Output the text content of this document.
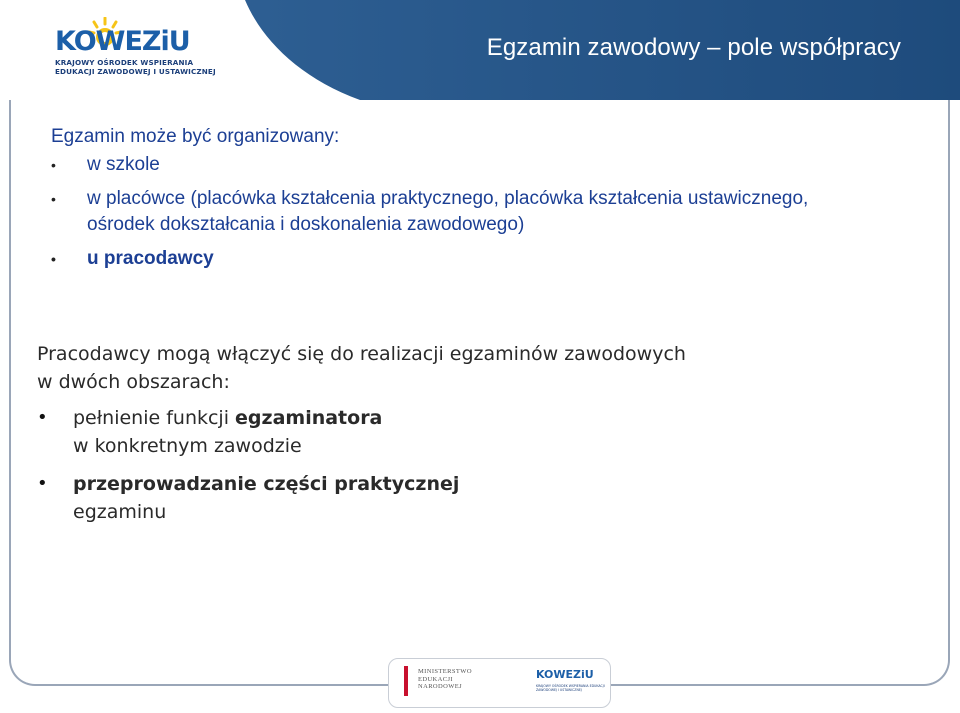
Egzamin zawodowy – pole współpracy
KOWEZiU
KRAJOWY OŚRODEK WSPIERANIA
EDUKACJI ZAWODOWEJ I USTAWICZNEJ
Egzamin może być organizowany:
• w szkole
• w placówce (placówka kształcenia praktycznego, placówka kształcenia ustawicznego, ośrodek dokształcania i doskonalenia zawodowego)
• u pracodawcy
Pracodawcy mogą włączyć się do realizacji egzaminów zawodowych
w dwóch obszarach:
• pełnienie funkcji egzaminatora
w konkretnym zawodzie
• przeprowadzanie części praktycznej
egzaminu
MINISTERSTWO
EDUKACJI
NARODOWEJ
KOWEZiU
KRAJOWY OŚRODEK WSPIERANIA EDUKACJI ZAWODOWEJ I USTAWICZNEJ
